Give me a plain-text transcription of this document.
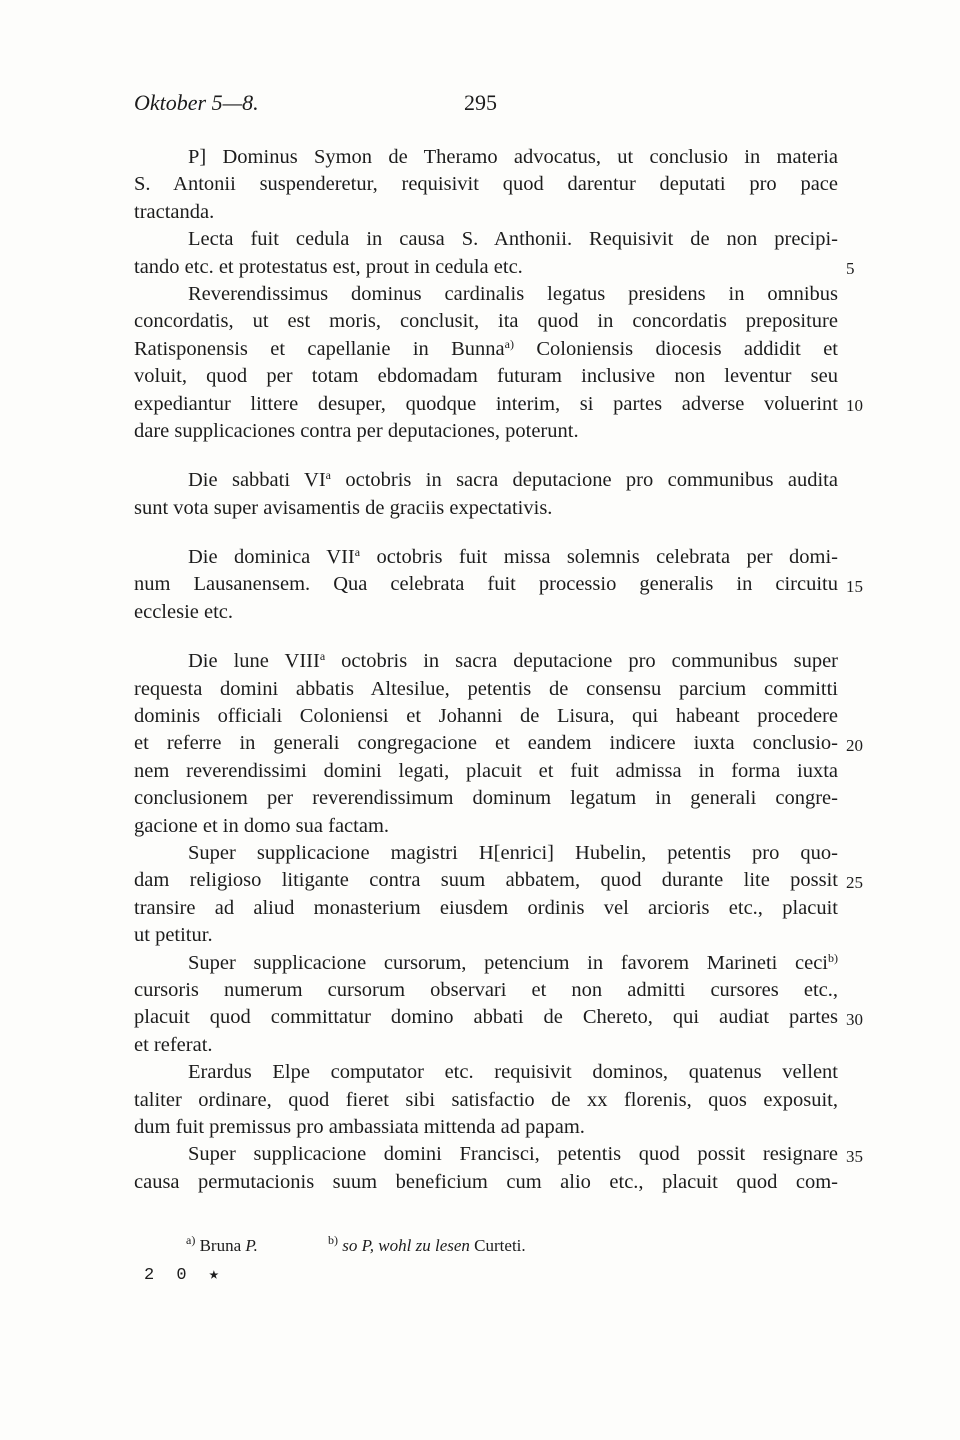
Oktober 5—8.	295
P] Dominus Symon de Theramo advocatus, ut conclusio in materia
S. Antonii suspenderetur, requisivit quod darentur deputati pro pace
tractanda.
Lecta fuit cedula in causa S. Anthonii. Requisivit de non precipi-
tando etc. et protestatus est, prout in cedula etc.
Reverendissimus dominus cardinalis legatus presidens in omnibus
concordatis, ut est moris, conclusit, ita quod in concordatis prepositure
Ratisponensis et capellanie in Bunna$^{a)}$ Coloniensis diocesis addidit et
voluit, quod per totam ebdomadam futuram inclusive non leventur seu
expediantur littere desuper, quodque interim, si partes adverse voluerint
dare supplicaciones contra per deputaciones, poterunt.
Die sabbati $VI^a$ octobris in sacra deputacione pro communibus audita
sunt vota super avisamentis de graciis expectativis.
Die dominica VII$^a$ octobris fuit missa solemnis celebrata per domi-
num Lausanensem. Qua celebrata fuit processio generalis in circuitu
ecclesie etc.
Die lune VIII$^a$ octobris in sacra deputacione pro communibus super
requesta domini abbatis Altesilue, petentis de consensu parcium committi
dominis officiali Coloniensi et Johanni de Lisura, qui habeant procedere
et referre in generali congregacione et eandem indicere iuxta conclusio-
nem reverendissimi domini legati, placuit et fuit admissa in forma iuxta
conclusionem per reverendissimum dominum legatum in generali congre-
gacione et in domo sua factam.
Super supplicacione magistri H[enrici] Hubelin, petentis pro quo-
dam religioso litigante contra suum abbatem, quod durante lite possit
transire ad aliud monasterium eiusdem ordinis vel arcioris etc., placuit
ut petitur.
Super supplicacione cursorum, petencium in favorem Marineti ceci$^{b)}$
cursoris numerum cursorum observari et non admitti cursores etc.,
placuit quod committatur domino abbati de Chereto, qui audiat partes
et referat.
Erardus Elpe computator etc. requisivit dominos, quatenus vellent
taliter ordinare, quod fieret sibi satisfactio de xx florenis, quos exposuit,
dum fuit premissus pro ambassiata mittenda ad papam.
Super supplicacione domini Francisci, petentis quod possit resignare
causa permutacionis suum beneficium cum alio etc., placuit quod com-
5
10
15
20
25
30
35
$^{a)}$ Bruna P.	$^{b)}$ so P, wohl zu lesen Curteti.
2 0 ★
